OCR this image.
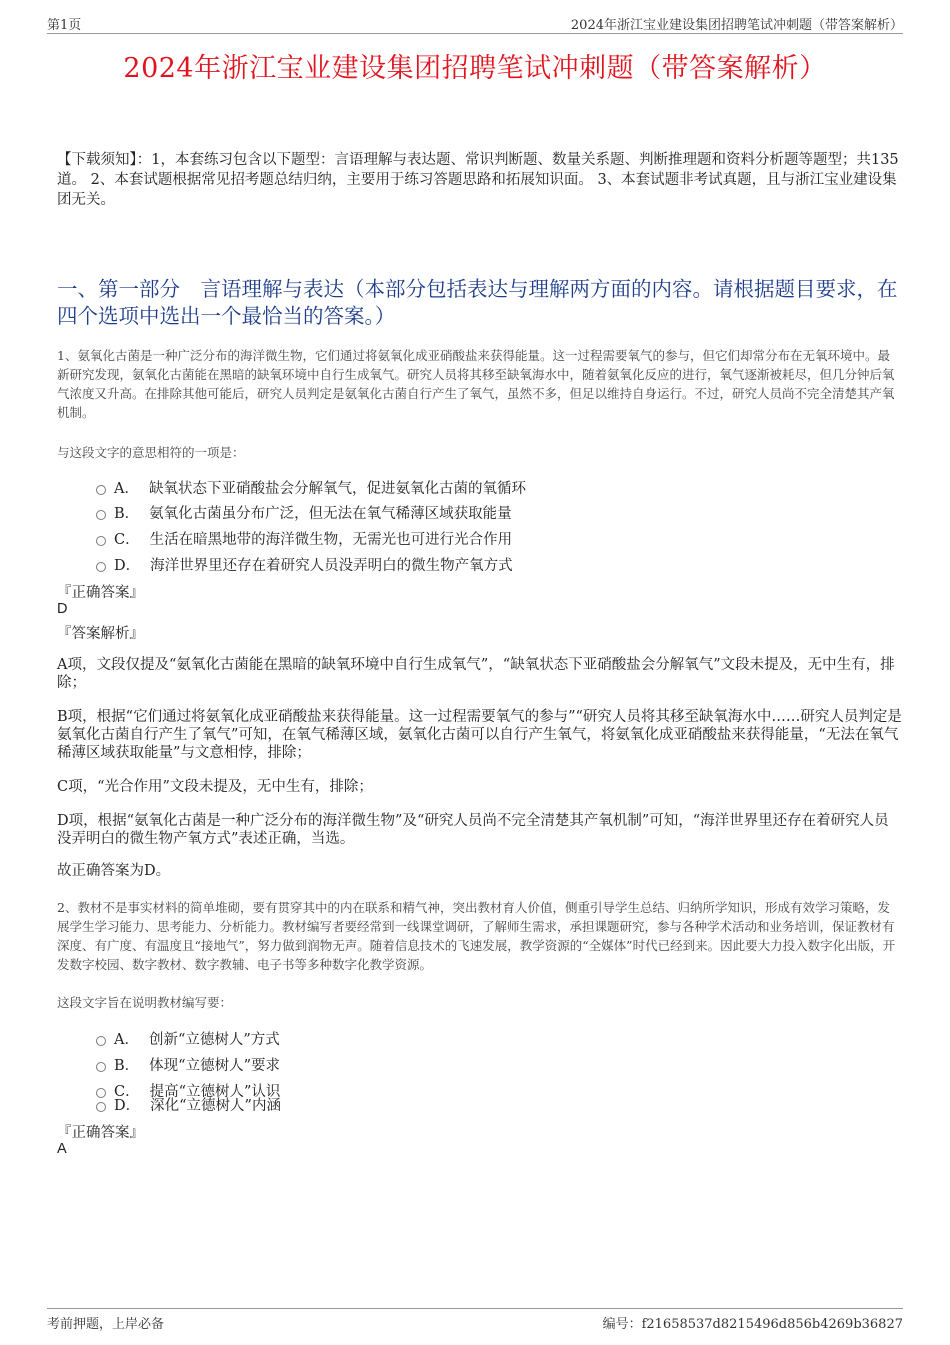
第1页	2024年浙江宝业建设集团招聘笔试冲刺题（带答案解析）
2024年浙江宝业建设集团招聘笔试冲刺题（带答案解析）
【下载须知】：1，本套练习包含以下题型：言语理解与表达题、常识判断题、数量关系题、判断推理题和资料分析题等题型；共135道。 2、本套试题根据常见招考题总结归纳，主要用于练习答题思路和拓展知识面。 3、本套试题非考试真题，且与浙江宝业建设集团无关。
一、第一部分　言语理解与表达（本部分包括表达与理解两方面的内容。请根据题目要求，在四个选项中选出一个最恰当的答案。）
1、氨氧化古菌是一种广泛分布的海洋微生物，它们通过将氨氧化成亚硝酸盐来获得能量。这一过程需要氧气的参与，但它们却常分布在无氧环境中。最新研究发现，氨氧化古菌能在黑暗的缺氧环境中自行生成氧气。研究人员将其移至缺氧海水中，随着氨氧化反应的进行，氧气逐渐被耗尽，但几分钟后氧气浓度又升高。在排除其他可能后，研究人员判定是氨氧化古菌自行产生了氧气，虽然不多，但足以维持自身运行。不过，研究人员尚不完全清楚其产氧机制。
与这段文字的意思相符的一项是：
A． 缺氧状态下亚硝酸盐会分解氧气，促进氨氧化古菌的氧循环
B． 氨氧化古菌虽分布广泛，但无法在氧气稀薄区域获取能量
C． 生活在暗黑地带的海洋微生物，无需光也可进行光合作用
D． 海洋世界里还存在着研究人员没弄明白的微生物产氧方式
『正确答案』
D
『答案解析』
A项，文段仅提及“氨氧化古菌能在黑暗的缺氧环境中自行生成氧气”，“缺氧状态下亚硝酸盐会分解氧气”文段未提及，无中生有，排除；
B项，根据“它们通过将氨氧化成亚硝酸盐来获得能量。这一过程需要氧气的参与”“研究人员将其移至缺氧海水中……研究人员判定是氨氧化古菌自行产生了氧气”可知，在氧气稀薄区域，氨氧化古菌可以自行产生氧气，将氨氧化成亚硝酸盐来获得能量，“无法在氧气稀薄区域获取能量”与文意相悖，排除；
C项，“光合作用”文段未提及，无中生有，排除；
D项，根据“氨氧化古菌是一种广泛分布的海洋微生物”及“研究人员尚不完全清楚其产氧机制”可知，“海洋世界里还存在着研究人员没弄明白的微生物产氧方式”表述正确，当选。
故正确答案为D。
2、教材不是事实材料的简单堆砌，要有贯穿其中的内在联系和精气神，突出教材育人价值，侧重引导学生总结、归纳所学知识，形成有效学习策略，发展学生学习能力、思考能力、分析能力。教材编写者要经常到一线课堂调研，了解师生需求，承担课题研究，参与各种学术活动和业务培训，保证教材有深度、有广度、有温度且“接地气”，努力做到润物无声。随着信息技术的飞速发展，教学资源的“全媒体”时代已经到来。因此要大力投入数字化出版，开发数字校园、数字教材、数字教辅、电子书等多种数字化教学资源。
这段文字旨在说明教材编写要：
A． 创新“立德树人”方式
B． 体现“立德树人”要求
C． 提高“立德树人”认识
D． 深化“立德树人”内涵
『正确答案』
A
考前押题，上岸必备	编号：f21658537d8215496d856b4269b36827
